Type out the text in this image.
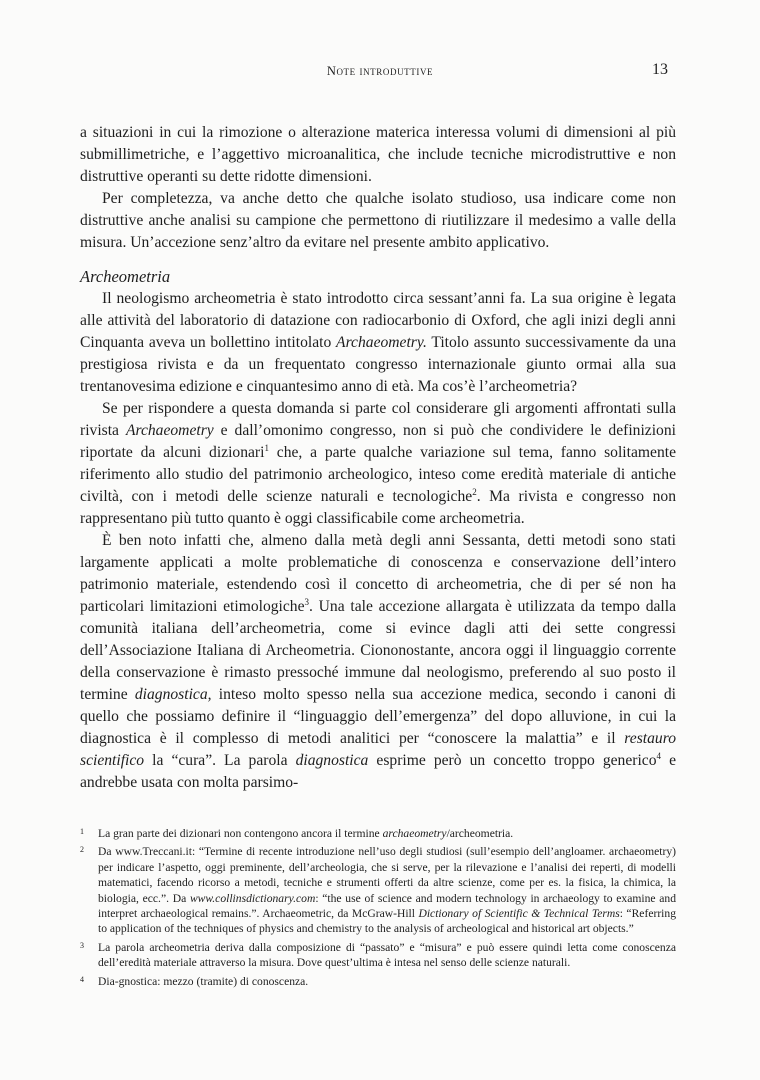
Note introduttive	13

a situazioni in cui la rimozione o alterazione materica interessa volumi di dimensioni al più submillimetriche, e l’aggettivo microanalitica, che include tecniche microdistruttive e non distruttive operanti su dette ridotte dimensioni.

Per completezza, va anche detto che qualche isolato studioso, usa indicare come non distruttive anche analisi su campione che permettono di riutilizzare il medesimo a valle della misura. Un’accezione senz’altro da evitare nel presente ambito applicativo.

Archeometria

Il neologismo archeometria è stato introdotto circa sessant’anni fa. La sua origine è legata alle attività del laboratorio di datazione con radiocarbonio di Oxford, che agli inizi degli anni Cinquanta aveva un bollettino intitolato Archaeometry. Titolo assunto successivamente da una prestigiosa rivista e da un frequentato congresso internazionale giunto ormai alla sua trentanovesima edizione e cinquantesimo anno di età. Ma cos’è l’archeometria?

Se per rispondere a questa domanda si parte col considerare gli argomenti affrontati sulla rivista Archaeometry e dall’omonimo congresso, non si può che condividere le definizioni riportate da alcuni dizionari$^1$ che, a parte qualche variazione sul tema, fanno solitamente riferimento allo studio del patrimonio archeologico, inteso come eredità materiale di antiche civiltà, con i metodi delle scienze naturali e tecnologiche$^2$. Ma rivista e congresso non rappresentano più tutto quanto è oggi classificabile come archeometria.

È ben noto infatti che, almeno dalla metà degli anni Sessanta, detti metodi sono stati largamente applicati a molte problematiche di conoscenza e conservazione dell’intero patrimonio materiale, estendendo così il concetto di archeometria, che di per sé non ha particolari limitazioni etimologiche$^3$. Una tale accezione allargata è utilizzata da tempo dalla comunità italiana dell’archeometria, come si evince dagli atti dei sette congressi dell’Associazione Italiana di Archeometria. Ciononostante, ancora oggi il linguaggio corrente della conservazione è rimasto pressoché immune dal neologismo, preferendo al suo posto il termine diagnostica, inteso molto spesso nella sua accezione medica, secondo i canoni di quello che possiamo definire il “linguaggio dell’emergenza” del dopo alluvione, in cui la diagnostica è il complesso di metodi analitici per “conoscere la malattia” e il restauro scientifico la “cura”. La parola diagnostica esprime però un concetto troppo generico$^4$ e andrebbe usata con molta parsimo-

1 La gran parte dei dizionari non contengono ancora il termine archaeometry/archeometria.
2 Da www.Treccani.it: “Termine di recente introduzione nell’uso degli studiosi (sull’esempio dell’angloamer. archaeometry) per indicare l’aspetto, oggi preminente, dell’archeologia, che si serve, per la rilevazione e l’analisi dei reperti, di modelli matematici, facendo ricorso a metodi, tecniche e strumenti offerti da altre scienze, come per es. la fisica, la chimica, la biologia, ecc.”. Da www.collinsdictionary.com: “the use of science and modern technology in archaeology to examine and interpret archaeological remains.”. Archaeometric, da McGraw-Hill Dictionary of Scientific & Technical Terms: “Referring to application of the techniques of physics and chemistry to the analysis of archeological and historical art objects.”
3 La parola archeometria deriva dalla composizione di “passato” e “misura” e può essere quindi letta come conoscenza dell’eredità materiale attraverso la misura. Dove quest’ultima è intesa nel senso delle scienze naturali.
4 Dia-gnostica: mezzo (tramite) di conoscenza.
